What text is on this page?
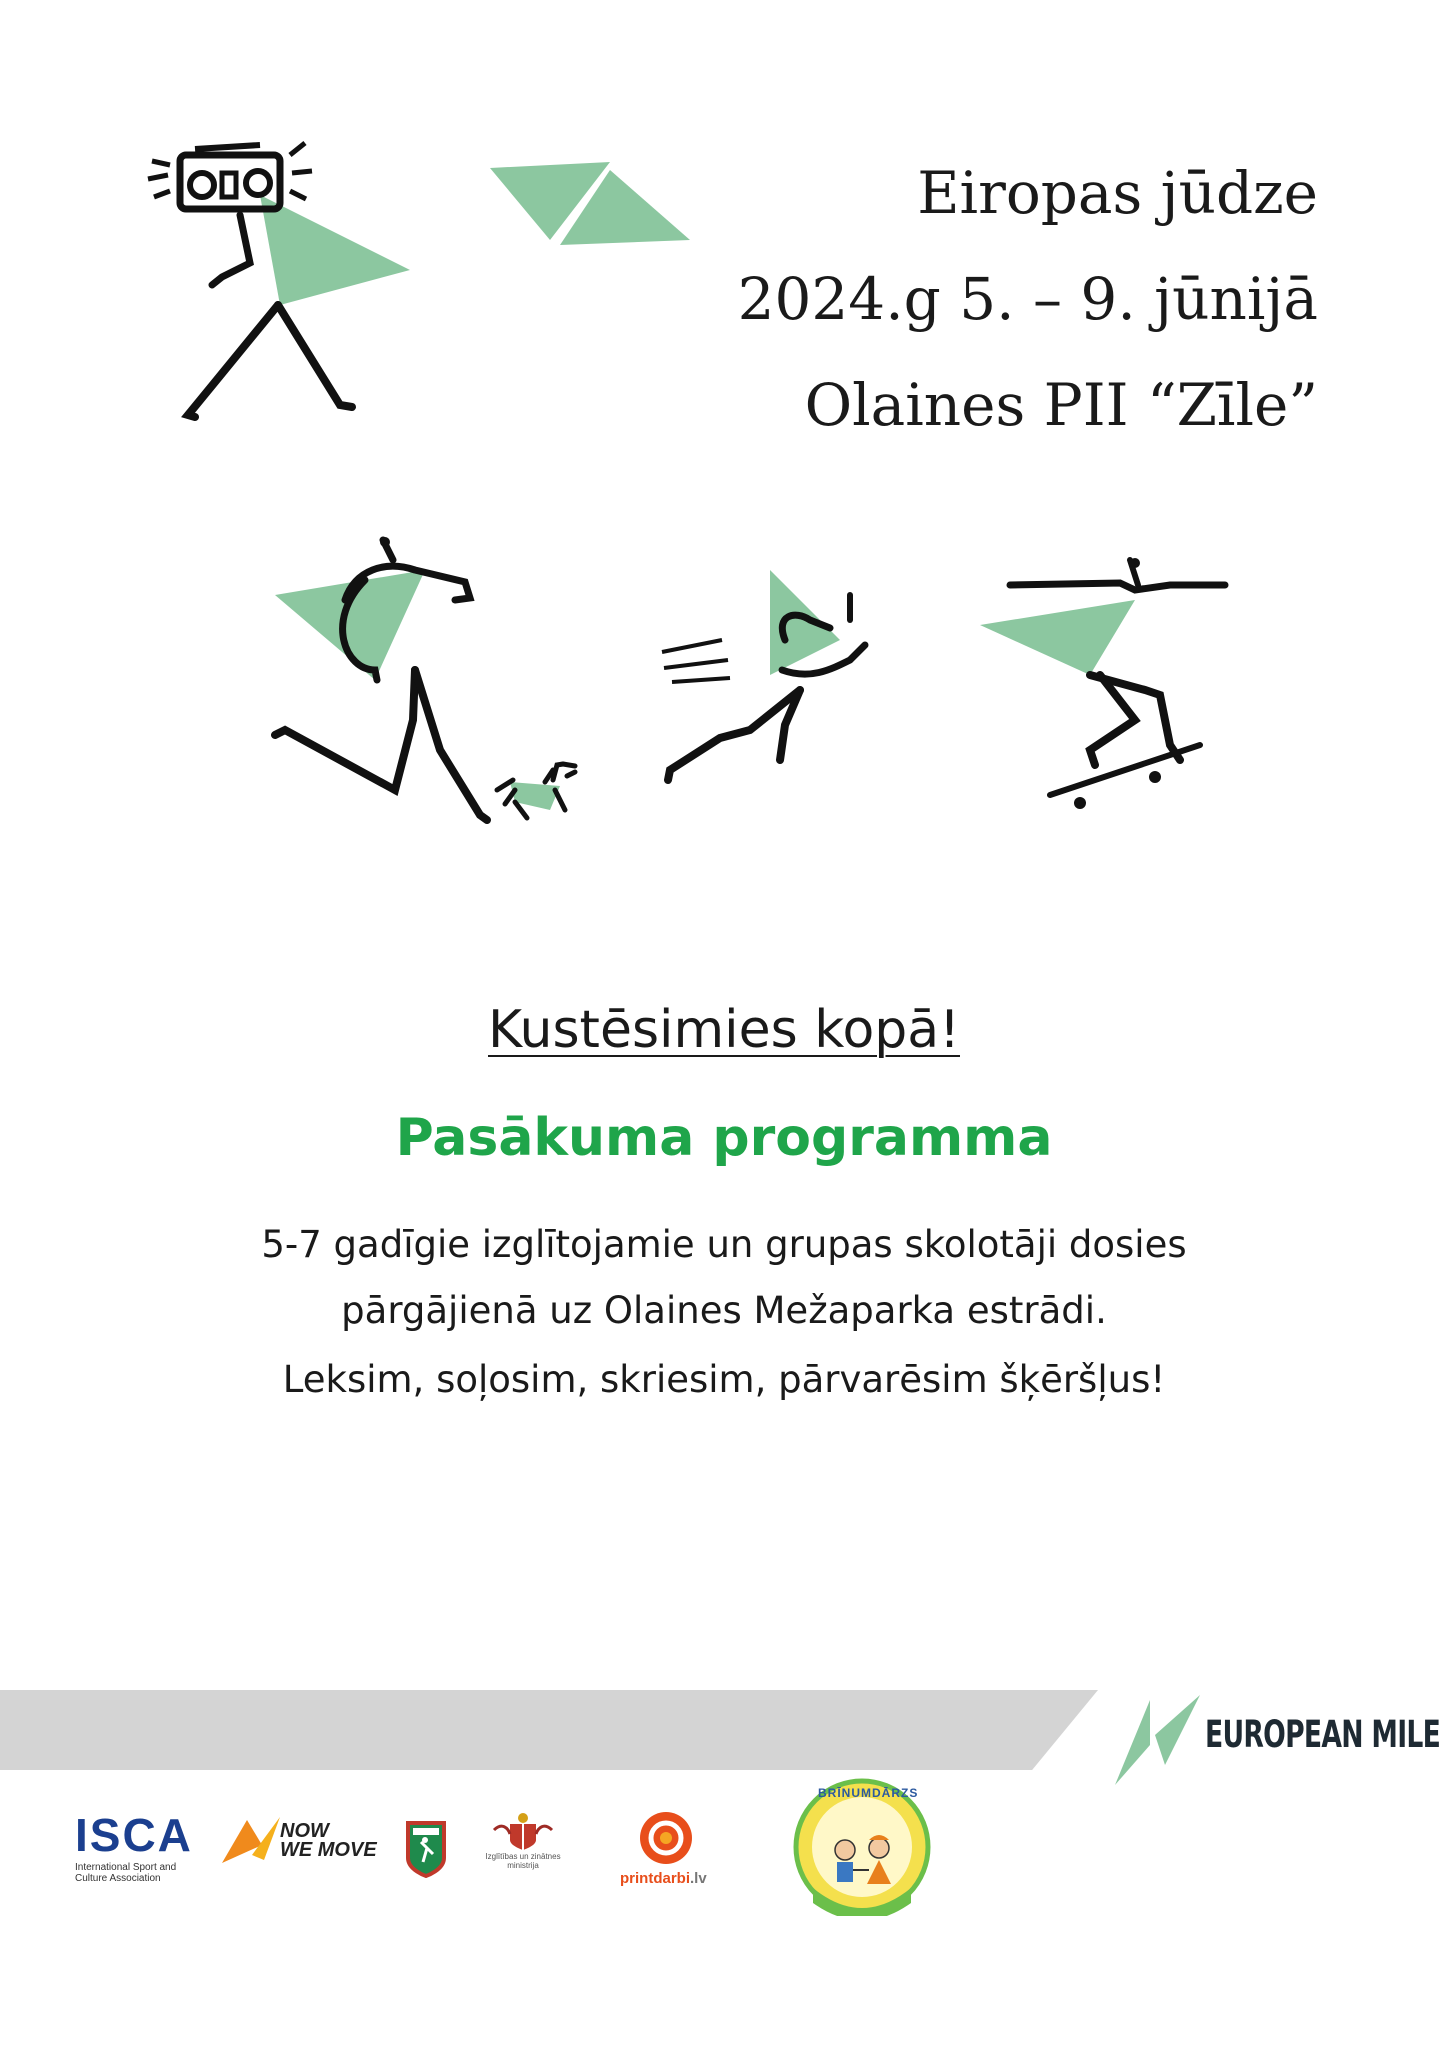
Eiropas jūdze
2024.g 5. – 9. jūnijā
Olaines PII “Zīle”
Kustēsimies kopā!
Pasākuma programma
5-7 gadīgie izglītojamie un grupas skolotāji dosies
pārgājienā uz Olaines Mežaparka estrādi.
Leksim, soļosim, skriesim, pārvarēsim šķēršļus!
EUROPEAN MILE
ISCA
International Sport and
Culture Association
NOW
WE MOVE	Izglītības un zinātnes
ministrija
printdarbi.lv
BRĪNUMDĀRZS
